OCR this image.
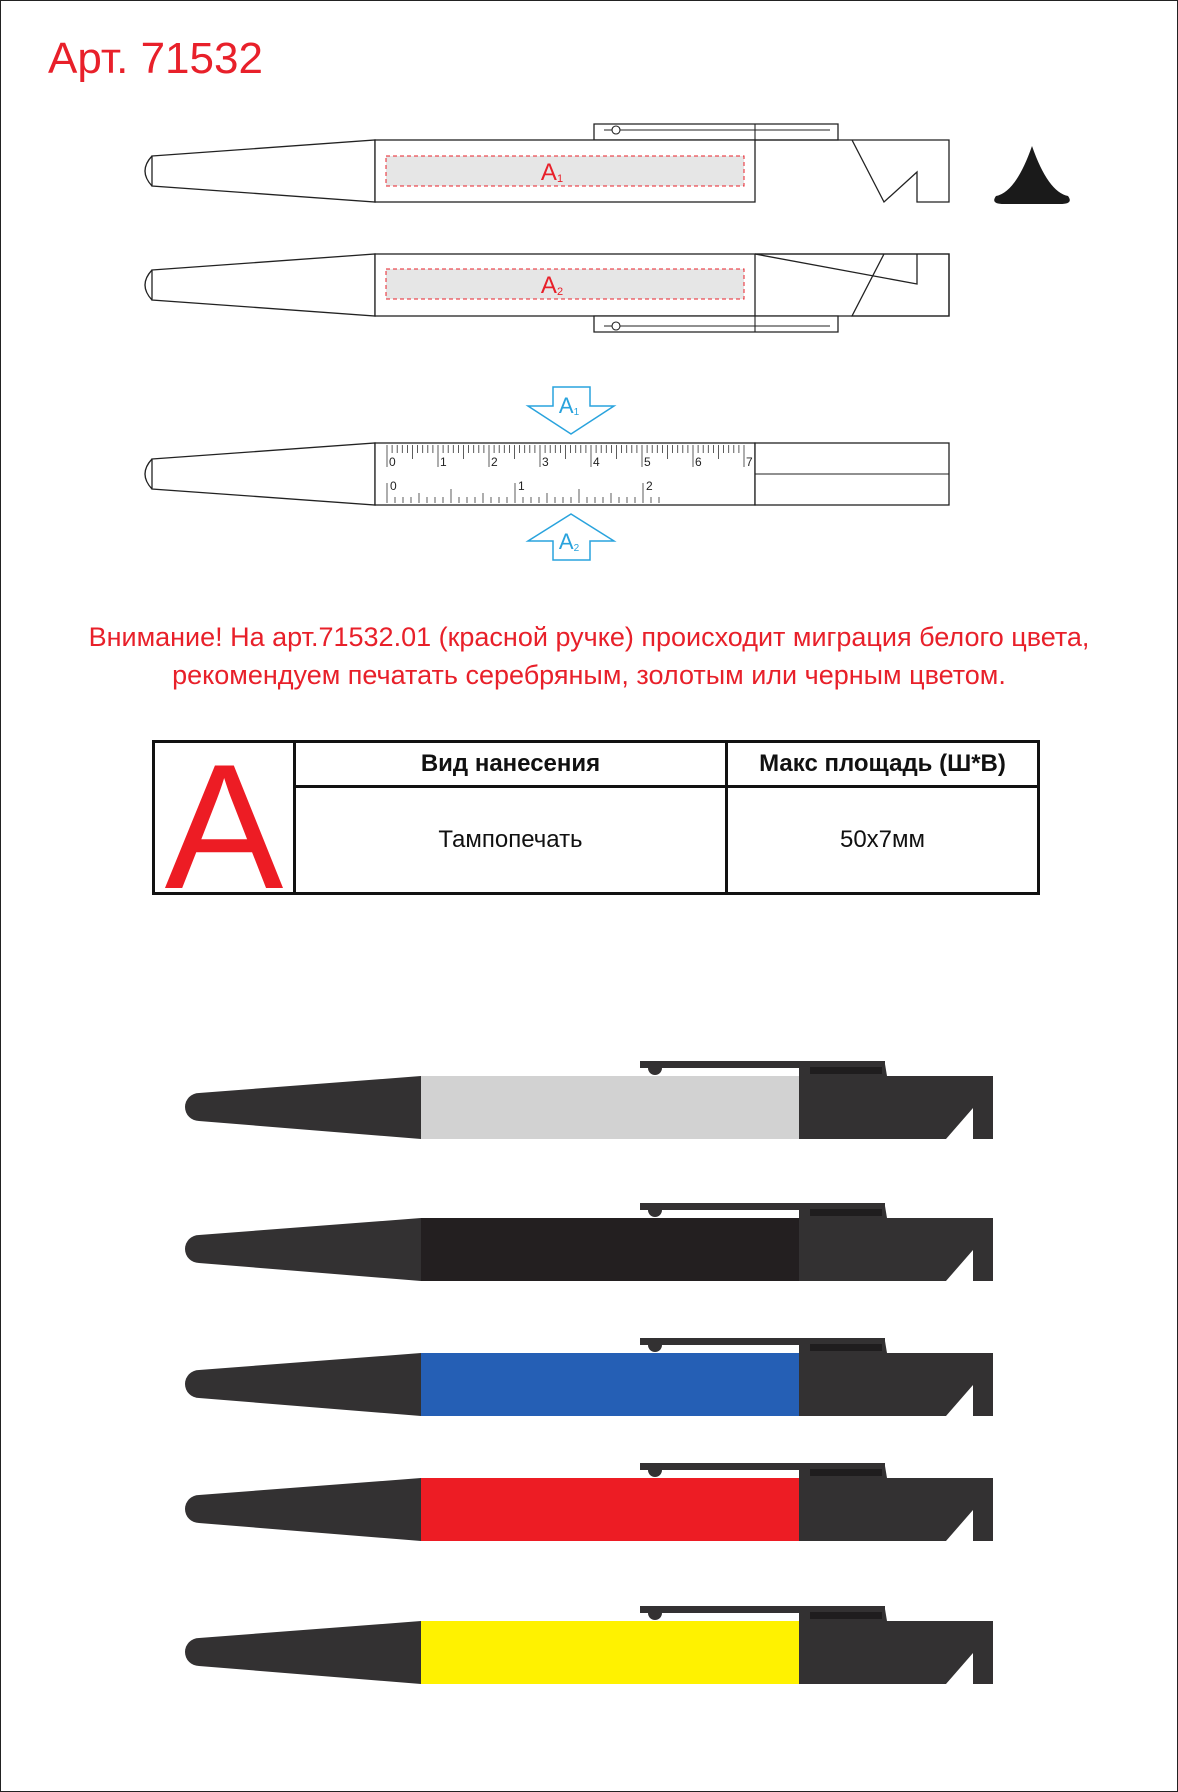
Арт. 71532
A1
A2
A1
0	1	2	3	4	5	6	7
0	1	2
A2
Внимание! На арт.71532.01 (красной ручке) происходит миграция белого цвета,
рекомендуем печатать серебряным, золотым или черным цветом.
A	Вид нанесения	Макс площадь (Ш*В)
Тампопечать	50x7мм
